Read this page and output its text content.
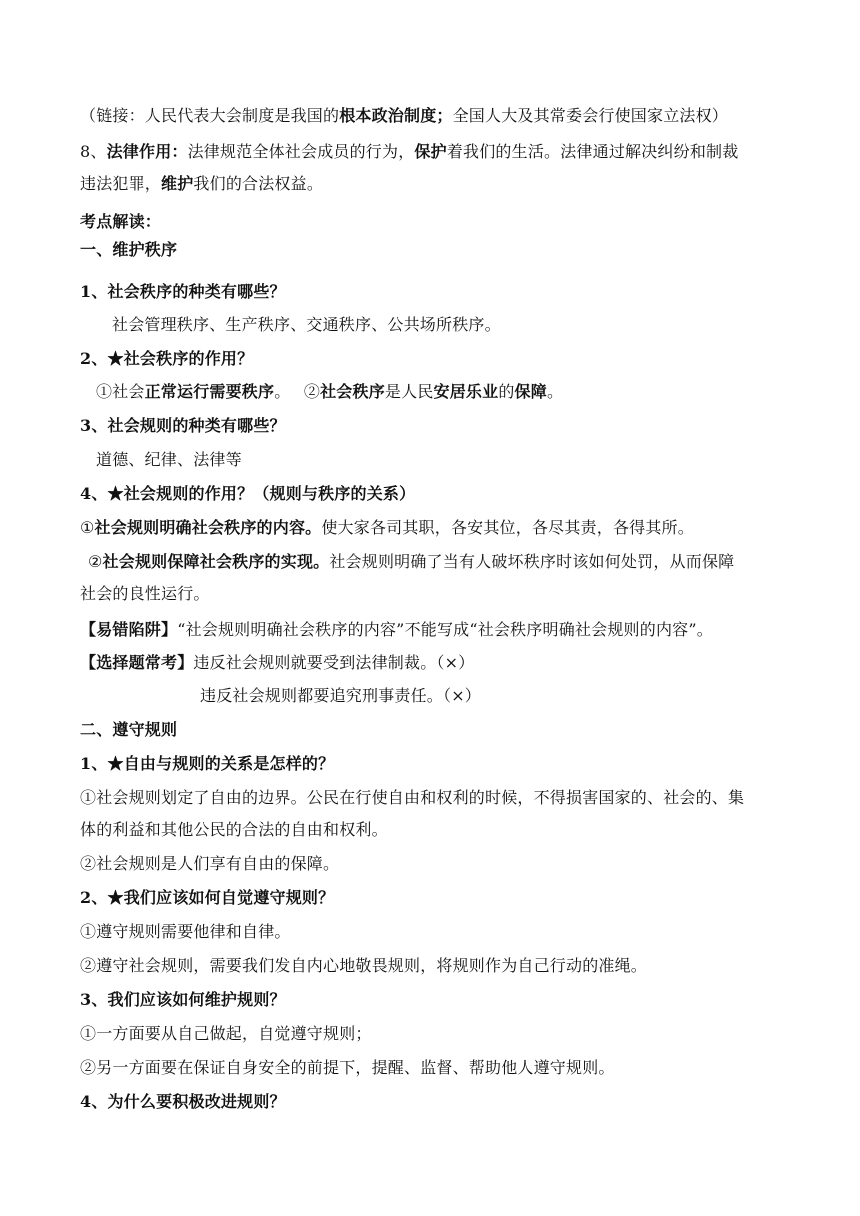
（链接：人民代表大会制度是我国的根本政治制度；全国人大及其常委会行使国家立法权）
8、法律作用：法律规范全体社会成员的行为，保护着我们的生活。法律通过解决纠纷和制裁
违法犯罪，维护我们的合法权益。
考点解读：
一、维护秩序
1、社会秩序的种类有哪些？
社会管理秩序、生产秩序、交通秩序、公共场所秩序。
2、★社会秩序的作用？
①社会正常运行需要秩序。　 ②社会秩序是人民安居乐业的保障。
3、社会规则的种类有哪些？
道德、纪律、法律等
4、★社会规则的作用？（规则与秩序的关系）
①社会规则明确社会秩序的内容。使大家各司其职，各安其位，各尽其责，各得其所。
②社会规则保障社会秩序的实现。社会规则明确了当有人破坏秩序时该如何处罚，从而保障
社会的良性运行。
【易错陷阱】“社会规则明确社会秩序的内容”不能写成“社会秩序明确社会规则的内容”。
【选择题常考】违反社会规则就要受到法律制裁。（×）
违反社会规则都要追究刑事责任。（×）
二、遵守规则
1、★自由与规则的关系是怎样的？
①社会规则划定了自由的边界。公民在行使自由和权利的时候，不得损害国家的、社会的、集
体的利益和其他公民的合法的自由和权利。
②社会规则是人们享有自由的保障。
2、★我们应该如何自觉遵守规则？
①遵守规则需要他律和自律。
②遵守社会规则，需要我们发自内心地敬畏规则，将规则作为自己行动的准绳。
3、我们应该如何维护规则？
①一方面要从自己做起，自觉遵守规则；
②另一方面要在保证自身安全的前提下，提醒、监督、帮助他人遵守规则。
4、为什么要积极改进规则？
